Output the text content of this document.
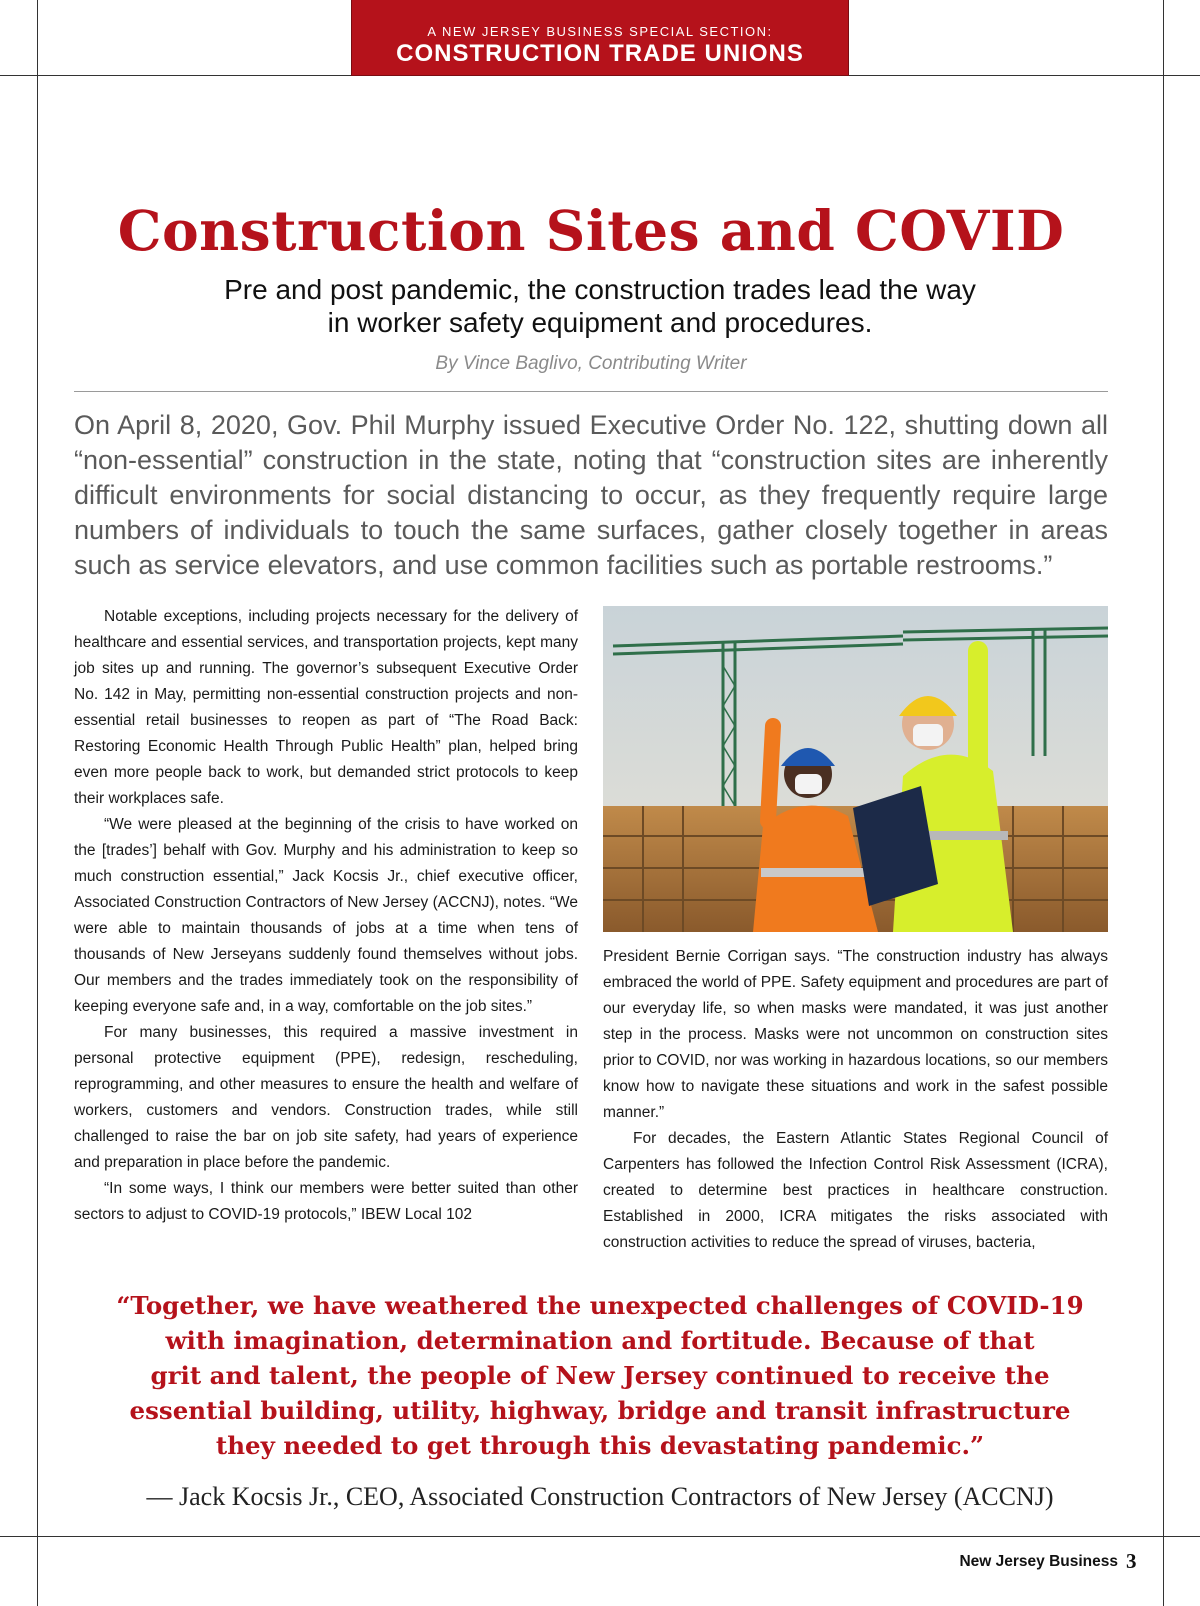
A NEW JERSEY BUSINESS SPECIAL SECTION:
CONSTRUCTION TRADE UNIONS
Construction Sites and COVID
Pre and post pandemic, the construction trades lead the way
in worker safety equipment and procedures.
By Vince Baglivo, Contributing Writer
On April 8, 2020, Gov. Phil Murphy issued Executive Order No. 122, shutting down all “non-essential” construction in the state, noting that “construction sites are inherently difficult environments for social distancing to occur, as they frequently require large numbers of individuals to touch the same surfaces, gather closely together in areas such as service elevators, and use common facilities such as portable restrooms.”

Notable exceptions, including projects necessary for the delivery of healthcare and essential services, and transportation projects, kept many job sites up and running. The governor’s subsequent Executive Order No. 142 in May, permitting non-essential construction projects and non-essential retail businesses to reopen as part of “The Road Back: Restoring Economic Health Through Public Health” plan, helped bring even more people back to work, but demanded strict protocols to keep their workplaces safe.

“We were pleased at the beginning of the crisis to have worked on the [trades’] behalf with Gov. Murphy and his administration to keep so much construction essential,” Jack Kocsis Jr., chief executive officer, Associated Construction Contractors of New Jersey (ACCNJ), notes. “We were able to maintain thousands of jobs at a time when tens of thousands of New Jerseyans suddenly found themselves without jobs. Our members and the trades immediately took on the responsibility of keeping everyone safe and, in a way, comfortable on the job sites.”

For many businesses, this required a massive investment in personal protective equipment (PPE), redesign, rescheduling, reprogramming, and other measures to ensure the health and welfare of workers, customers and vendors. Construction trades, while still challenged to raise the bar on job site safety, had years of experience and preparation in place before the pandemic.

“In some ways, I think our members were better suited than other sectors to adjust to COVID-19 protocols,” IBEW Local 102

President Bernie Corrigan says. “The construction industry has always embraced the world of PPE. Safety equipment and procedures are part of our everyday life, so when masks were mandated, it was just another step in the process. Masks were not uncommon on construction sites prior to COVID, nor was working in hazardous locations, so our members know how to navigate these situations and work in the safest possible manner.”

For decades, the Eastern Atlantic States Regional Council of Carpenters has followed the Infection Control Risk Assessment (ICRA), created to determine best practices in healthcare construction. Established in 2000, ICRA mitigates the risks associated with construction activities to reduce the spread of viruses, bacteria,

“Together, we have weathered the unexpected challenges of COVID-19
with imagination, determination and fortitude. Because of that
grit and talent, the people of New Jersey continued to receive the
essential building, utility, highway, bridge and transit infrastructure
they needed to get through this devastating pandemic.”
— Jack Kocsis Jr., CEO, Associated Construction Contractors of New Jersey (ACCNJ)
New Jersey Business 3
